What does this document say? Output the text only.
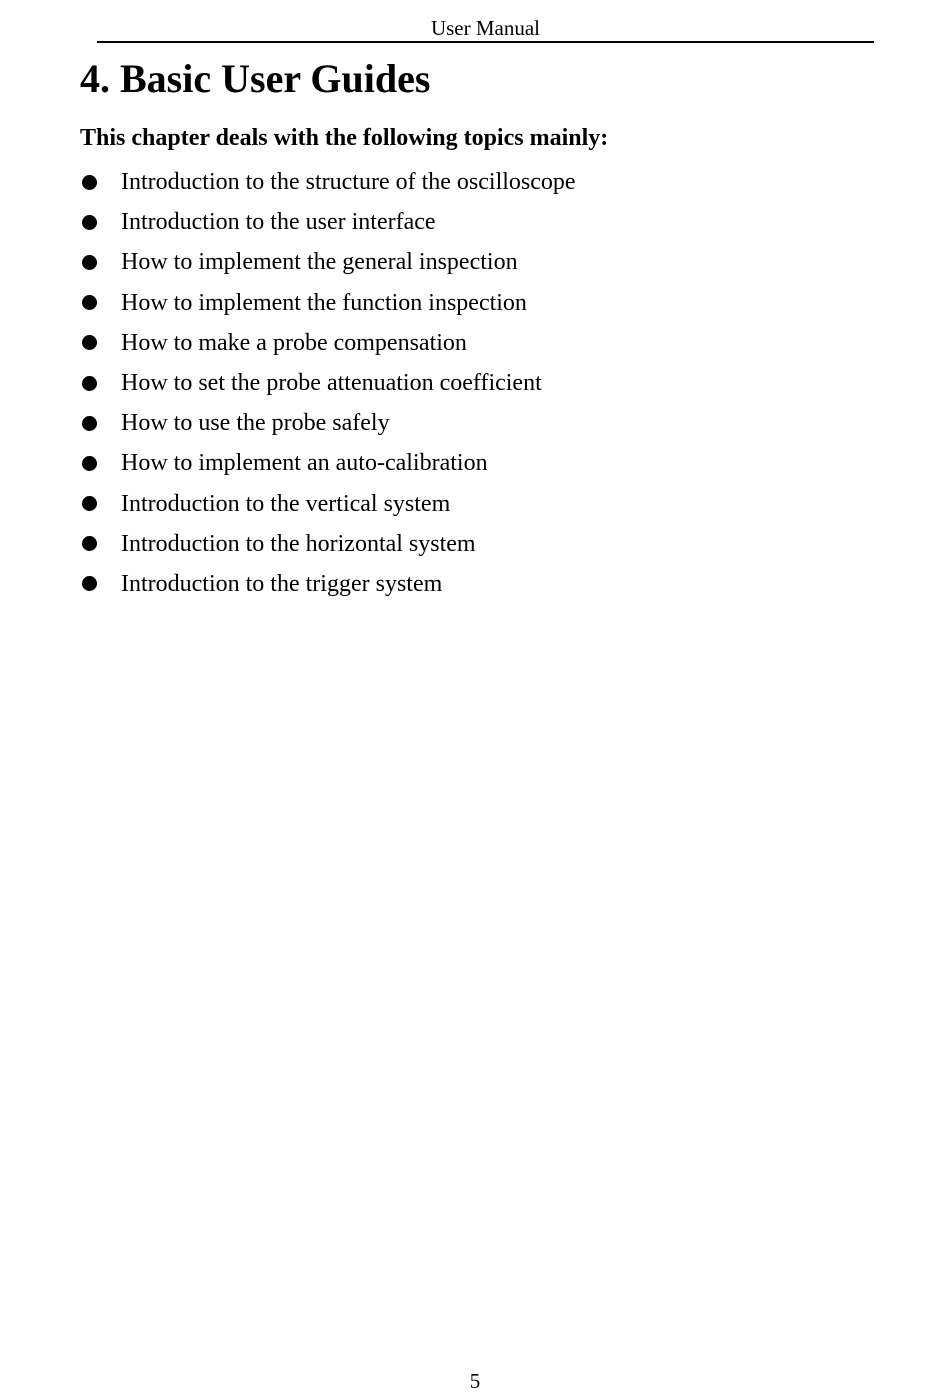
User Manual
4. Basic User Guides

This chapter deals with the following topics mainly:

Introduction to the structure of the oscilloscope
Introduction to the user interface
How to implement the general inspection
How to implement the function inspection
How to make a probe compensation
How to set the probe attenuation coefficient
How to use the probe safely
How to implement an auto-calibration
Introduction to the vertical system
Introduction to the horizontal system
Introduction to the trigger system
5
